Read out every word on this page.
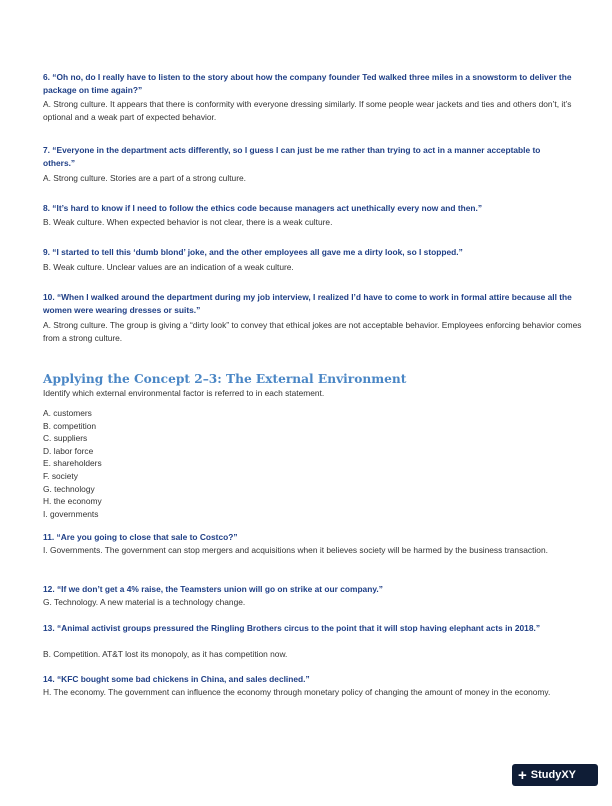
6. “Oh no, do I really have to listen to the story about how the company founder Ted walked three miles in a snowstorm to deliver the package on time again?”

A. Strong culture. It appears that there is conformity with everyone dressing similarly. If some people wear jackets and ties and others don’t, it’s optional and a weak part of expected behavior.

7. “Everyone in the department acts differently, so I guess I can just be me rather than trying to act in a manner acceptable to others.”

A. Strong culture. Stories are a part of a strong culture.

8. “It’s hard to know if I need to follow the ethics code because managers act unethically every now and then.”

B. Weak culture. When expected behavior is not clear, there is a weak culture.

9. “I started to tell this ‘dumb blond’ joke, and the other employees all gave me a dirty look, so I stopped.”

B. Weak culture. Unclear values are an indication of a weak culture.

10. “When I walked around the department during my job interview, I realized I’d have to come to work in formal attire because all the women were wearing dresses or suits.”

A. Strong culture. The group is giving a “dirty look” to convey that ethical jokes are not acceptable behavior. Employees enforcing behavior comes from a strong culture.

Applying the Concept 2–3: The External Environment

Identify which external environmental factor is referred to in each statement.

A. customers
B. competition
C. suppliers
D. labor force
E. shareholders
F. society
G. technology
H. the economy
I. governments

11. “Are you going to close that sale to Costco?”

I. Governments. The government can stop mergers and acquisitions when it believes society will be harmed by the business transaction.

12. “If we don’t get a 4% raise, the Teamsters union will go on strike at our company.”

G. Technology. A new material is a technology change.

13. “Animal activist groups pressured the Ringling Brothers circus to the point that it will stop having elephant acts in 2018.”

B. Competition. AT&T lost its monopoly, as it has competition now.

14. “KFC bought some bad chickens in China, and sales declined.”

H. The economy. The government can influence the economy through monetary policy of changing the amount of money in the economy.

+ StudyXY
